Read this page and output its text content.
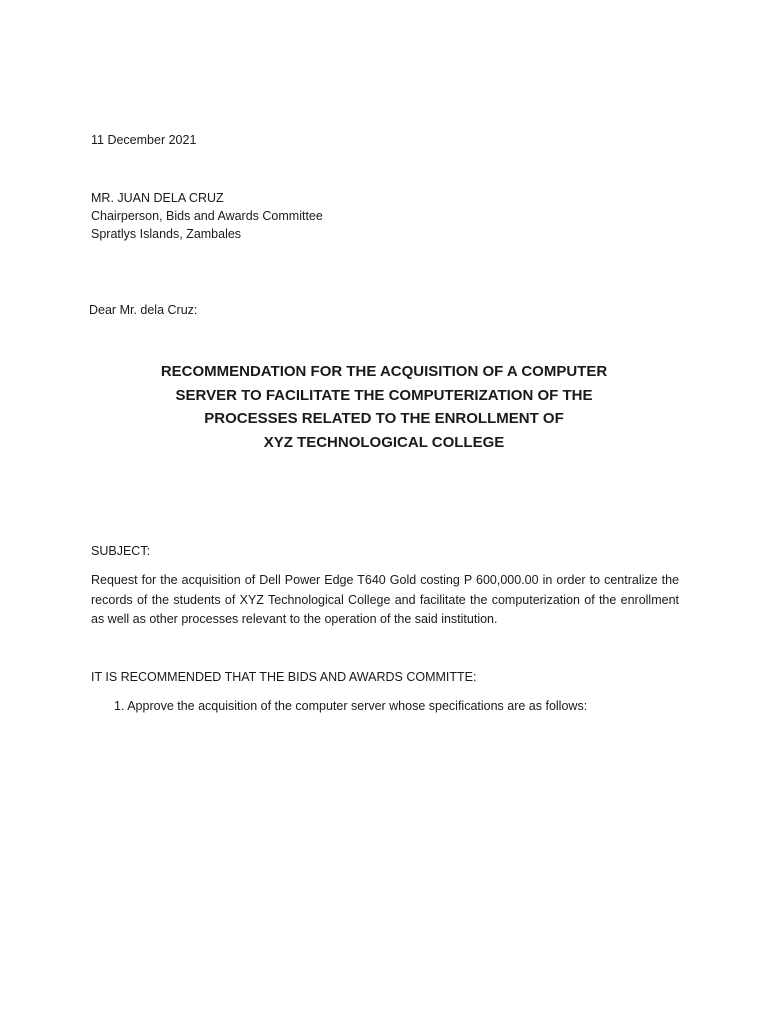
11 December 2021

MR. JUAN DELA CRUZ
Chairperson, Bids and Awards Committee
Spratlys Islands, Zambales

Dear Mr. dela Cruz:

RECOMMENDATION FOR THE ACQUISITION OF A COMPUTER
SERVER TO FACILITATE THE COMPUTERIZATION OF THE
PROCESSES RELATED TO THE ENROLLMENT OF
XYZ TECHNOLOGICAL COLLEGE

SUBJECT:

Request for the acquisition of Dell Power Edge T640 Gold costing P 600,000.00 in order to centralize the
records of the students of XYZ Technological College and facilitate the computerization of the enrollment
as well as other processes relevant to the operation of the said institution.

IT IS RECOMMENDED THAT THE BIDS AND AWARDS COMMITTE:

1. Approve the acquisition of the computer server whose specifications are as follows:
